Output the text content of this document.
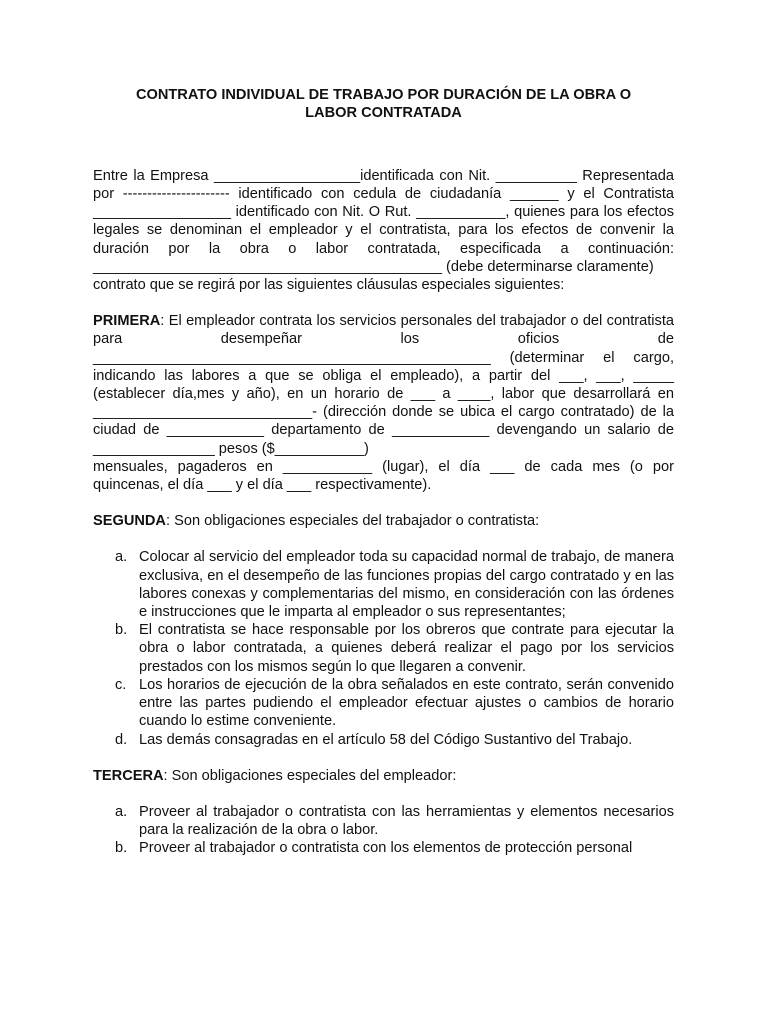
CONTRATO INDIVIDUAL DE TRABAJO POR DURACIÓN DE LA OBRA O LABOR CONTRATADA

Entre la Empresa __________________identificada con Nit. __________ Representada por ---------------------- identificado con cedula de ciudadanía ______ y el Contratista _________________ identificado con Nit. O Rut. ___________, quienes para los efectos legales se denominan el empleador y el contratista, para los efectos de convenir la duración por la obra o labor contratada, especificada a continuación: ___________________________________________ (debe determinarse claramente)

contrato que se regirá por las siguientes cláusulas especiales siguientes:

PRIMERA: El empleador contrata los servicios personales del trabajador o del contratista para desempeñar los oficios de _________________________________________________ (determinar el cargo, indicando las labores a que se obliga el empleado), a partir del ___, ___, _____ (establecer día,mes y año), en un horario de ___ a ____, labor que desarrollará en ___________________________- (dirección donde se ubica el cargo contratado) de la ciudad de ____________ departamento de ____________ devengando un salario de _______________ pesos ($___________)

mensuales, pagaderos en ___________ (lugar), el día ___ de cada mes (o por quincenas, el día ___ y el día ___ respectivamente).

SEGUNDA: Son obligaciones especiales del trabajador o contratista:

a. Colocar al servicio del empleador toda su capacidad normal de trabajo, de manera exclusiva, en el desempeño de las funciones propias del cargo contratado y en las labores conexas y complementarias del mismo, en consideración con las órdenes e instrucciones que le imparta al empleador o sus representantes;
b. El contratista se hace responsable por los obreros que contrate para ejecutar la obra o labor contratada, a quienes deberá realizar el pago por los servicios prestados con los mismos según lo que llegaren a convenir.
c. Los horarios de ejecución de la obra señalados en este contrato, serán convenido entre las partes pudiendo el empleador efectuar ajustes o cambios de horario cuando lo estime conveniente.
d. Las demás consagradas en el artículo 58 del Código Sustantivo del Trabajo.

TERCERA: Son obligaciones especiales del empleador:

a. Proveer al trabajador o contratista con las herramientas y elementos necesarios para la realización de la obra o labor.
b. Proveer al trabajador o contratista con los elementos de protección personal
